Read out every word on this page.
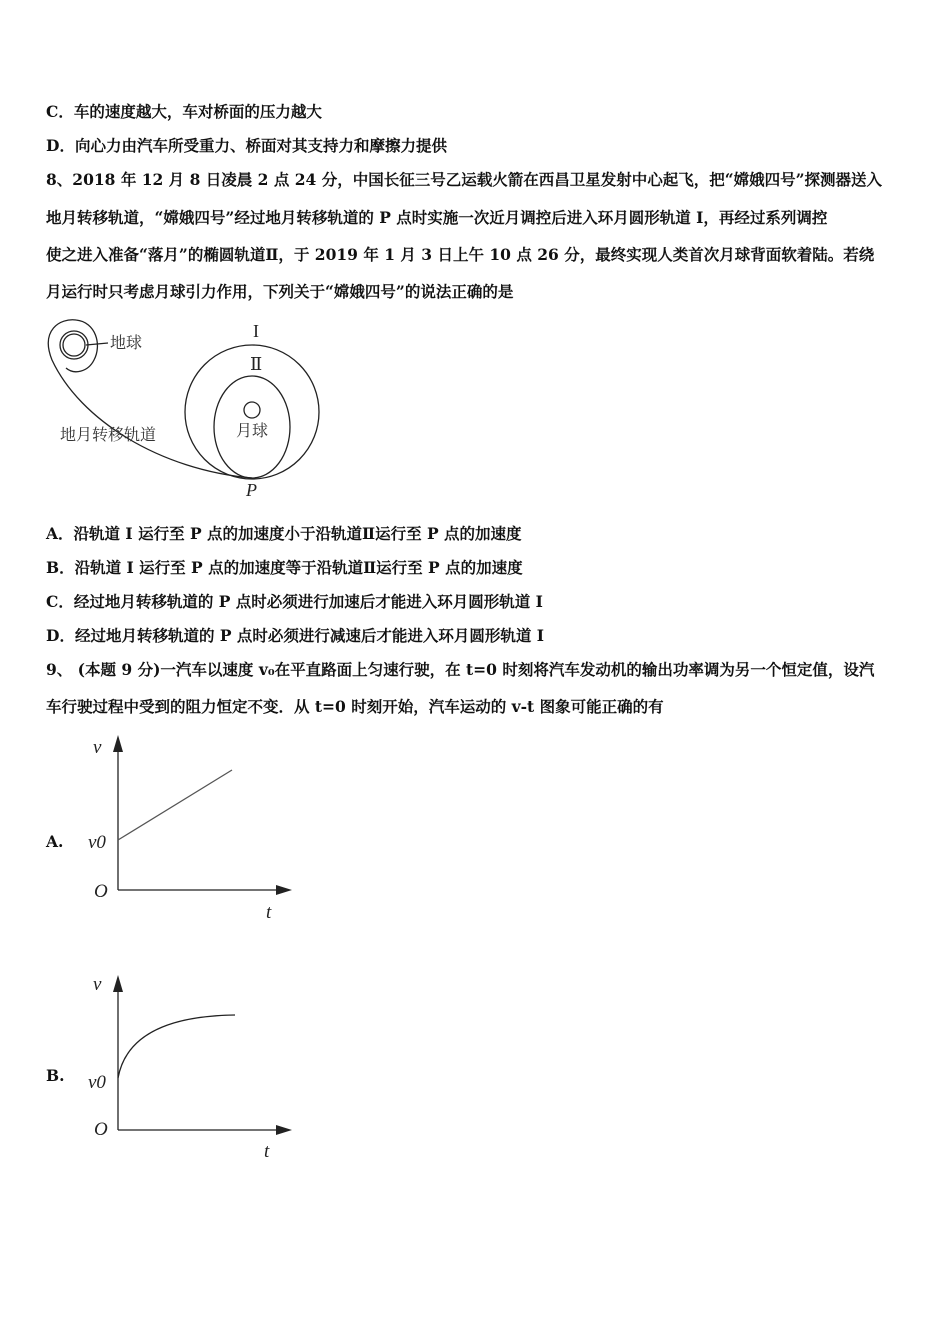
C．车的速度越大，车对桥面的压力越大
D．向心力由汽车所受重力、桥面对其支持力和摩擦力提供
8、2018 年 12 月 8 日凌晨 2 点 24 分，中国长征三号乙运载火箭在西昌卫星发射中心起飞，把“嫦娥四号”探测器送入
地月转移轨道，“嫦娥四号”经过地月转移轨道的 P 点时实施一次近月调控后进入环月圆形轨道 I，再经过系列调控
使之进入准备“落月”的椭圆轨道Ⅱ，于 2019 年 1 月 3 日上午 10 点 26 分，最终实现人类首次月球背面软着陆。若绕
月运行时只考虑月球引力作用，下列关于“嫦娥四号”的说法正确的是
地球
月球
地月转移轨道
I
Ⅱ
P
v
v0
O
t
v
v0
O
t
A．沿轨道 I 运行至 P 点的加速度小于沿轨道Ⅱ运行至 P 点的加速度
B．沿轨道 I 运行至 P 点的加速度等于沿轨道Ⅱ运行至 P 点的加速度
C．经过地月转移轨道的 P 点时必须进行加速后才能进入环月圆形轨道 I
D．经过地月转移轨道的 P 点时必须进行减速后才能进入环月圆形轨道 I
9、 (本题 9 分)一汽车以速度 v₀在平直路面上匀速行驶，在 t=0 时刻将汽车发动机的输出功率调为另一个恒定值，设汽
车行驶过程中受到的阻力恒定不变．从 t=0 时刻开始，汽车运动的 v-t 图象可能正确的有
A.
B.
